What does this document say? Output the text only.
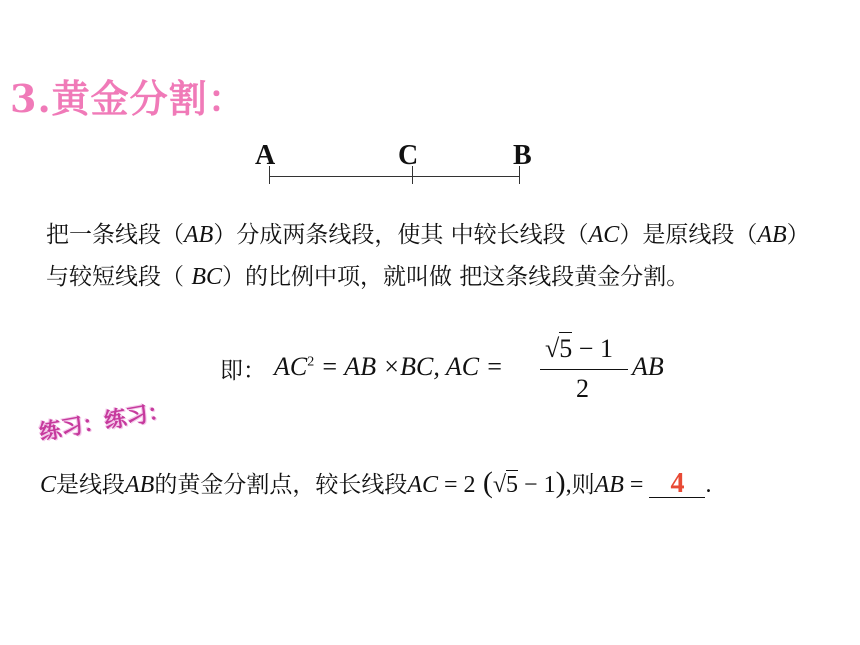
3.黄金分割：
A	C	B
把一条线段（AB）分成两条线段，使其 中较长线段（AC）是原线段（AB）与较短线段（ BC）的比例中项，就叫做 把这条线段黄金分割。
即： $AC^2$ = AB ×BC, AC =
√5 − 1
2
AB
练习：练习：
C是线段AB的黄金分割点，较长线段AC = 2 (√5 − 1),则AB = 4 .
